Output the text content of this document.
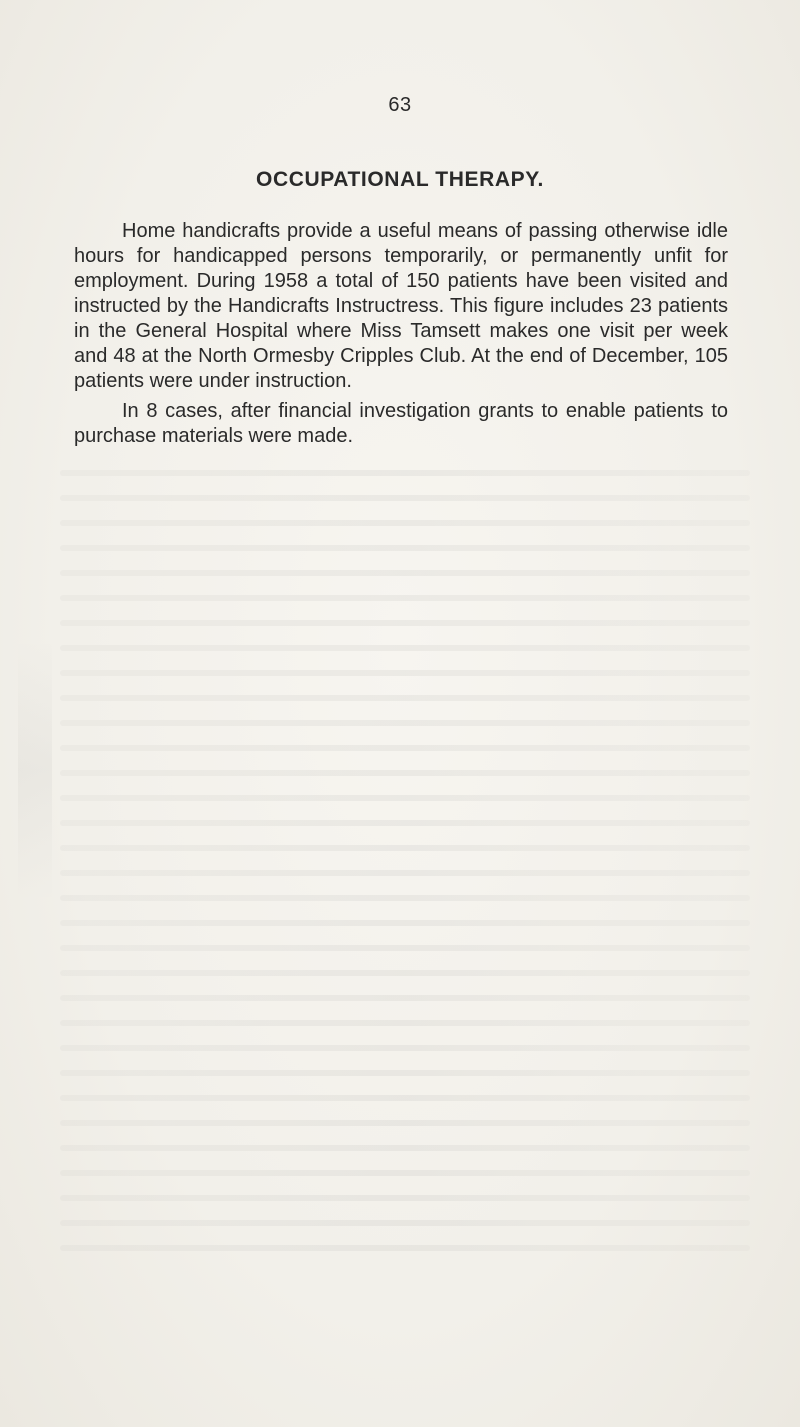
63
OCCUPATIONAL THERAPY.

Home handicrafts provide a useful means of passing otherwise idle hours for handicapped persons temporarily, or permanently unfit for employment. During 1958 a total of 150 patients have been visited and instructed by the Handicrafts Instructress. This figure includes 23 patients in the General Hospital where Miss Tamsett makes one visit per week and 48 at the North Ormesby Cripples Club. At the end of December, 105 patients were under instruction.

In 8 cases, after financial investigation grants to enable patients to purchase materials were made.
